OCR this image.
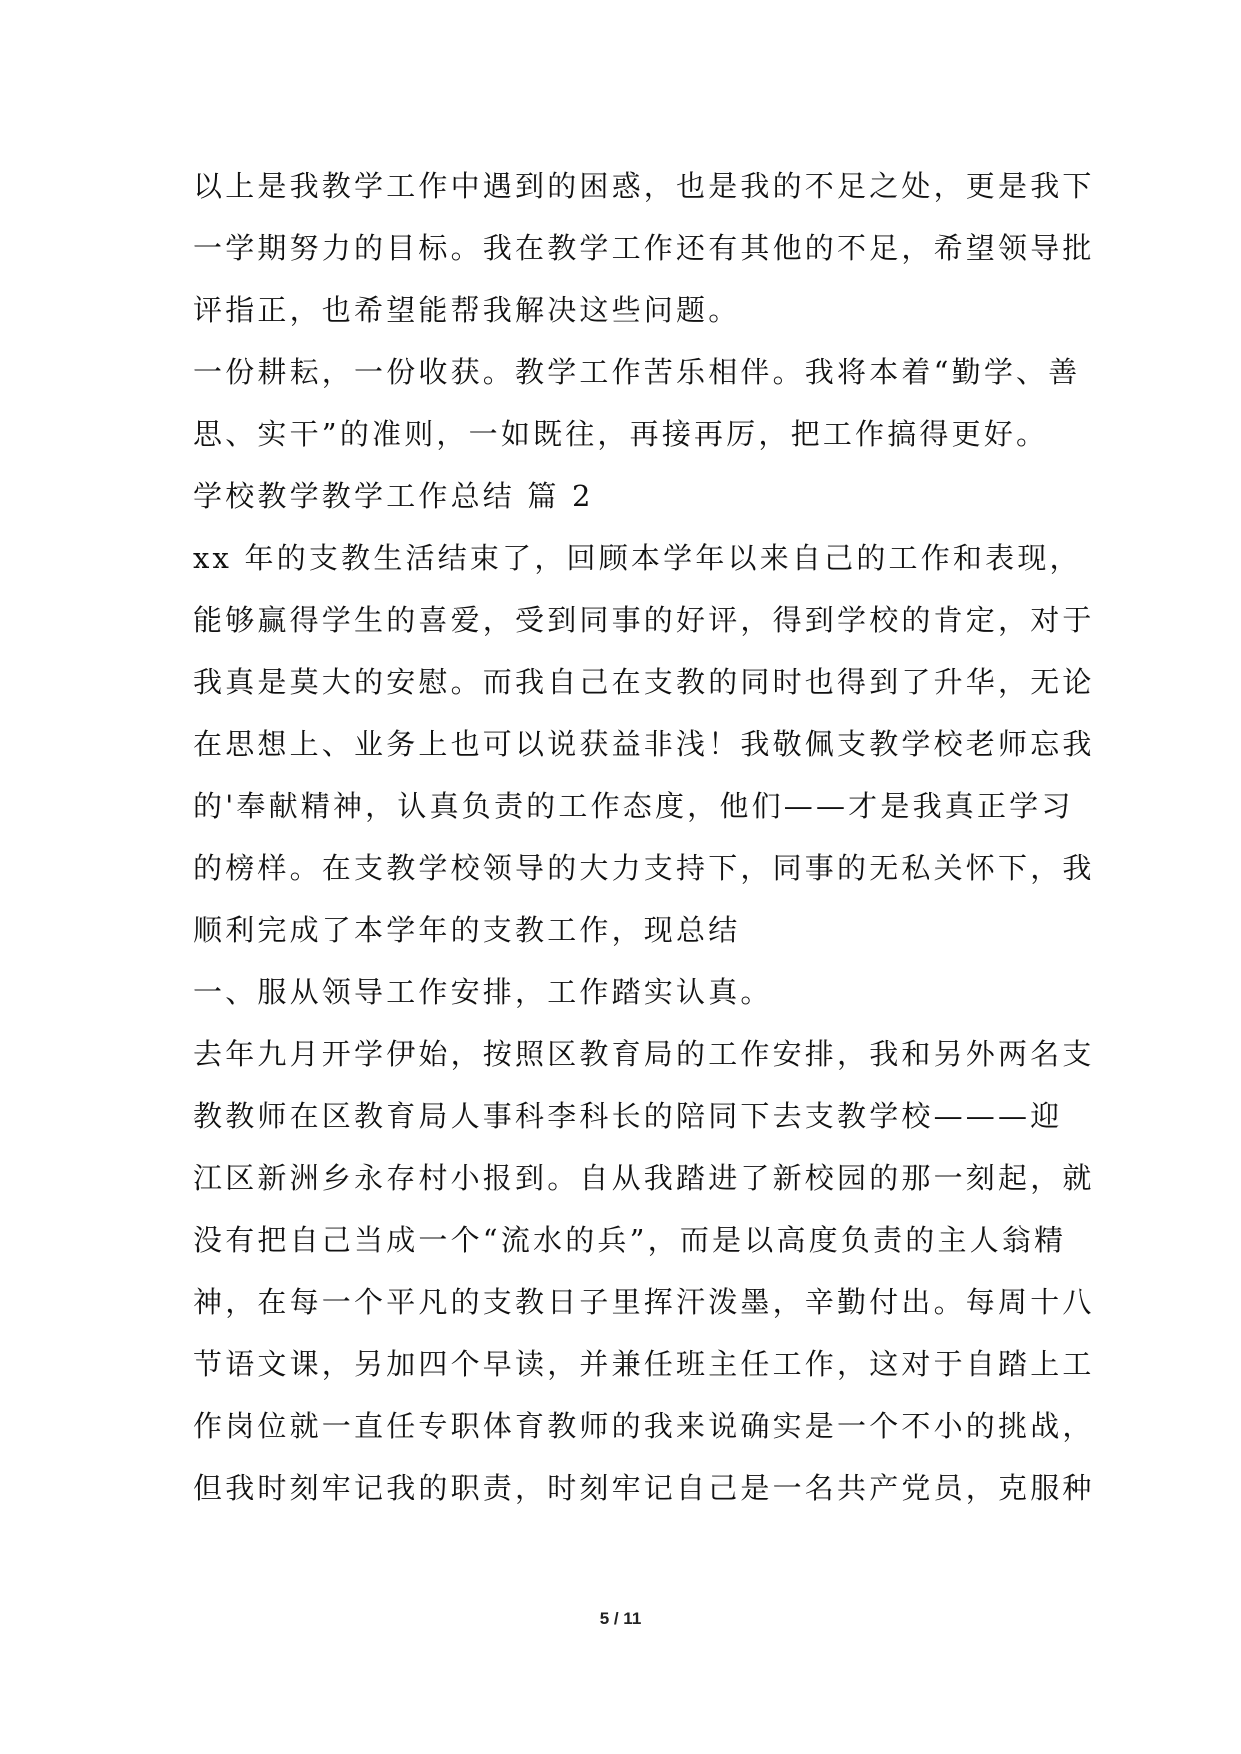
以上是我教学工作中遇到的困惑，也是我的不足之处，更是我下
一学期努力的目标。我在教学工作还有其他的不足，希望领导批
评指正，也希望能帮我解决这些问题。
一份耕耘，一份收获。教学工作苦乐相伴。我将本着“勤学、善
思、实干”的准则，一如既往，再接再厉，把工作搞得更好。
学校教学教学工作总结 篇 2
xx 年的支教生活结束了，回顾本学年以来自己的工作和表现，
能够赢得学生的喜爱，受到同事的好评，得到学校的肯定，对于
我真是莫大的安慰。而我自己在支教的同时也得到了升华，无论
在思想上、业务上也可以说获益非浅！我敬佩支教学校老师忘我
的'奉献精神，认真负责的工作态度，他们——才是我真正学习
的榜样。在支教学校领导的大力支持下，同事的无私关怀下，我
顺利完成了本学年的支教工作，现总结
一、服从领导工作安排，工作踏实认真。
去年九月开学伊始，按照区教育局的工作安排，我和另外两名支
教教师在区教育局人事科李科长的陪同下去支教学校———迎
江区新洲乡永存村小报到。自从我踏进了新校园的那一刻起，就
没有把自己当成一个“流水的兵”，而是以高度负责的主人翁精
神，在每一个平凡的支教日子里挥汗泼墨，辛勤付出。每周十八
节语文课，另加四个早读，并兼任班主任工作，这对于自踏上工
作岗位就一直任专职体育教师的我来说确实是一个不小的挑战，
但我时刻牢记我的职责，时刻牢记自己是一名共产党员，克服种
5 / 11
